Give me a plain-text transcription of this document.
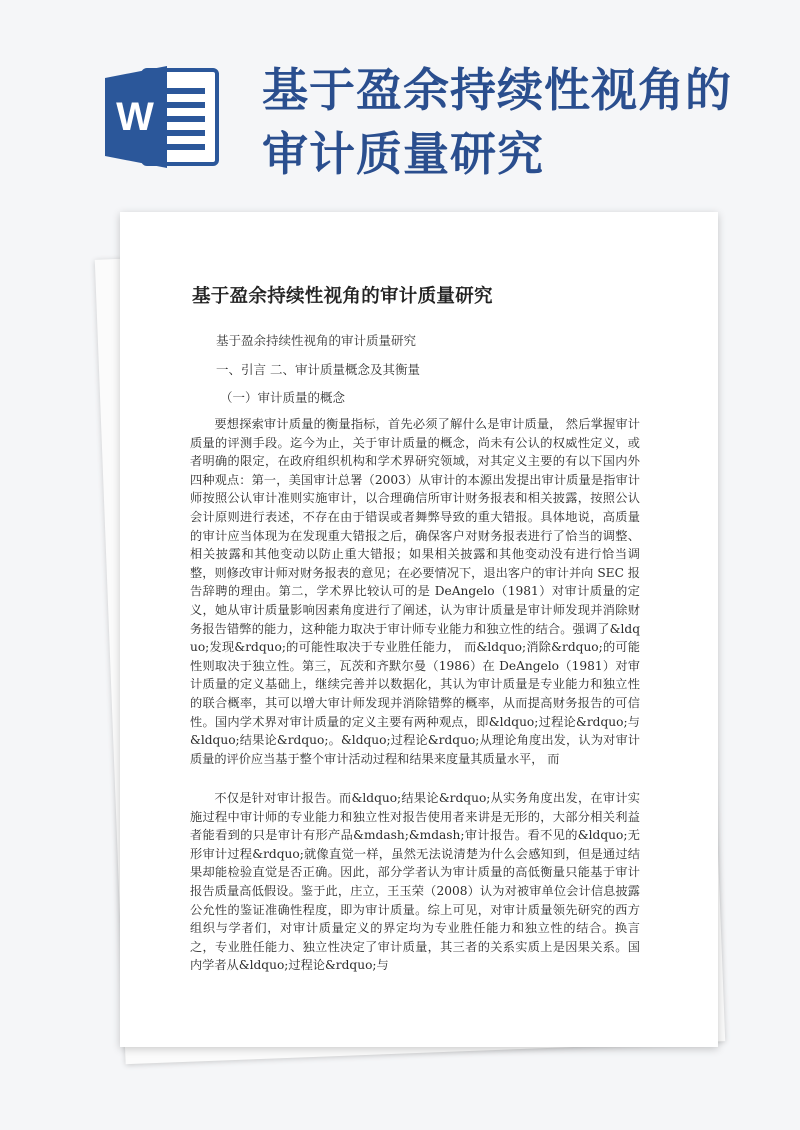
W 基于盈余持续性视角的
审计质量研究
基于盈余持续性视角的审计质量研究
基于盈余持续性视角的审计质量研究
一、引言 二、审计质量概念及其衡量
（一）审计质量的概念

要想探索审计质量的衡量指标，首先必须了解什么是审计质量， 然后掌握审计质量的评测手段。迄今为止，关于审计质量的概念，尚未有公认的权威性定义，或者明确的限定，在政府组织机构和学术界研究领域，对其定义主要的有以下国内外四种观点：第一，美国审计总署（2003）从审计的本源出发提出审计质量是指审计师按照公认审计准则实施审计，以合理确信所审计财务报表和相关披露，按照公认会计原则进行表述，不存在由于错误或者舞弊导致的重大错报。具体地说，高质量的审计应当体现为在发现重大错报之后，确保客户对财务报表进行了恰当的调整、相关披露和其他变动以防止重大错报；如果相关披露和其他变动没有进行恰当调整，则修改审计师对财务报表的意见；在必要情况下，退出客户的审计并向 SEC 报告辞聘的理由。第二，学术界比较认可的是 DeAngelo（1981）对审计质量的定义，她从审计质量影响因素角度进行了阐述，认为审计质量是审计师发现并消除财务报告错弊的能力，这种能力取决于审计师专业能力和独立性的结合。强调了&ldquo;发现&rdquo;的可能性取决于专业胜任能力， 而&ldquo;消除&rdquo;的可能性则取决于独立性。第三，瓦茨和齐默尔曼（1986）在 DeAngelo（1981）对审计质量的定义基础上，继续完善并以数据化，其认为审计质量是专业能力和独立性的联合概率，其可以增大审计师发现并消除错弊的概率，从而提高财务报告的可信性。国内学术界对审计质量的定义主要有两种观点，即&ldquo;过程论&rdquo;与&ldquo;结果论&rdquo;。&ldquo;过程论&rdquo;从理论角度出发，认为对审计质量的评价应当基于整个审计活动过程和结果来度量其质量水平， 而

不仅是针对审计报告。而&ldquo;结果论&rdquo;从实务角度出发，在审计实施过程中审计师的专业能力和独立性对报告使用者来讲是无形的，大部分相关利益者能看到的只是审计有形产品&mdash;&mdash;审计报告。看不见的&ldquo;无形审计过程&rdquo;就像直觉一样，虽然无法说清楚为什么会感知到，但是通过结果却能检验直觉是否正确。因此，部分学者认为审计质量的高低衡量只能基于审计报告质量高低假设。鉴于此，庄立，王玉荣（2008）认为对被审单位会计信息披露公允性的鉴证准确性程度，即为审计质量。综上可见，对审计质量领先研究的西方组织与学者们，对审计质量定义的界定均为专业胜任能力和独立性的结合。换言之，专业胜任能力、独立性决定了审计质量，其三者的关系实质上是因果关系。国内学者从&ldquo;过程论&rdquo;与
